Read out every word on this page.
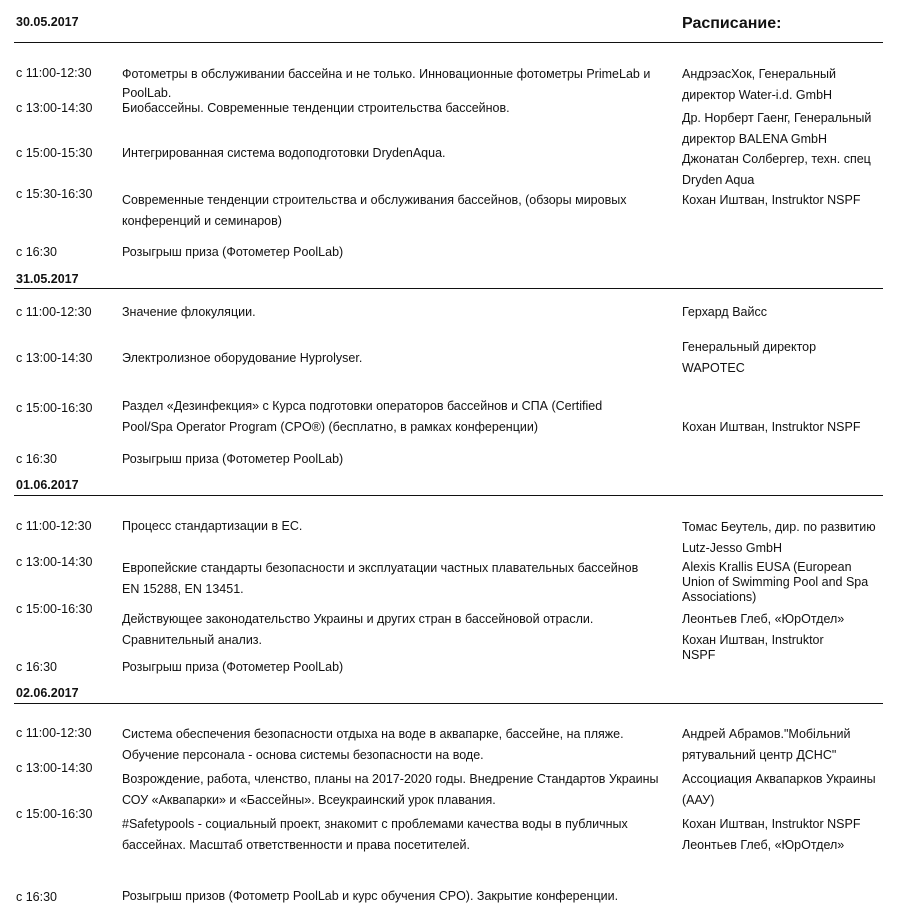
30.05.2017	Расписание:
с 11:00-12:30
с 13:00-14:30
с 15:00-15:30
с 15:30-16:30
с 16:30
Фотометры в обслуживании бассейна и не только. Инновационные фотометры PrimeLab и
PoolLab.
Биобассейны. Современные тенденции строительства бассейнов.
Интегрированная система водоподготовки DrydenAqua.
Современные тенденции строительства и обслуживания бассейнов, (обзоры мировых
конференций и семинаров)
Розыгрыш приза (Фотометер PoolLab)
АндрэасХок, Генеральный
директор Water-i.d. GmbH
Др. Норберт Гаенг, Генеральный
директор BALENA GmbH
Джонатан Солбергер, техн. спец
Dryden Aqua
Кохан Иштван, Instruktor NSPF
31.05.2017
с 11:00-12:30
с 13:00-14:30
с 15:00-16:30
с 16:30
Значение флокуляции.
Электролизное оборудование Hyprolyser.
Раздел «Дезинфекция» с Курса подготовки операторов бассейнов и СПА (Certified
Pool/Spa Operator Program (CPO®) (бесплатно, в рамках конференции)
Розыгрыш приза (Фотометер PoolLab)
Герхард Вайсс
Генеральный директор
WAPOTEC
Кохан Иштван, Instruktor NSPF
01.06.2017
с 11:00-12:30
с 13:00-14:30
с 15:00-16:30
с 16:30
Процесс стандартизации в ЕС.
Европейские стандарты безопасности и эксплуатации частных плавательных бассейнов
EN 15288, EN 13451.
Действующее законодательство Украины и других стран в бассейновой отрасли.
Сравнительный анализ.
Розыгрыш приза (Фотометер PoolLab)
Томас Беутель, дир. по развитию
Lutz-Jesso GmbH
Alexis Krallis EUSA (European
Union of Swimming Pool and Spa
Associations)
Леонтьев Глеб, «ЮрОтдел»
Кохан Иштван, Instruktor
NSPF
02.06.2017
с 11:00-12:30
с 13:00-14:30
с 15:00-16:30
с 16:30
Система обеспечения безопасности отдыха на воде в аквапарке, бассейне, на пляже.
Обучение персонала - основа системы безопасности на воде.
Возрождение, работа, членство, планы на 2017-2020 годы. Внедрение Стандартов Украины
СОУ «Аквапарки» и «Бассейны». Всеукраинский урок плавания.
#Safetypools - социальный проект, знакомит с проблемами качества воды в публичных
бассейнах. Масштаб ответственности и права посетителей.
Розыгрыш призов (Фотометр PoolLab и курс обучения CPO). Закрытие конференции.
Андрей Абрамов."Мобільний
рятувальний центр ДСНС"
Ассоциация Аквапарков Украины
(ААУ)
Кохан Иштван, Instruktor NSPF
Леонтьев Глеб, «ЮрОтдел»
